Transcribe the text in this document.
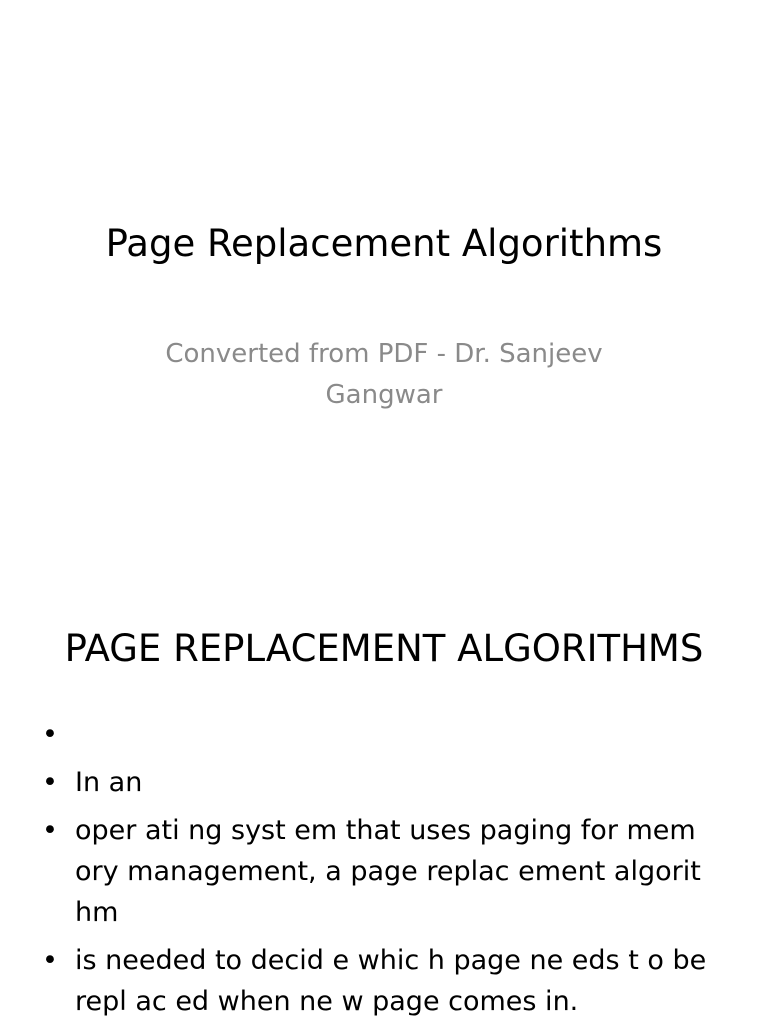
Page Replacement Algorithms

Converted from PDF - Dr. Sanjeev Gangwar

PAGE REPLACEMENT ALGORITHMS
•
• In an
• oper ati ng syst em that uses paging for mem ory management, a page replac ement algorit hm
• is needed to decid e whic h page ne eds t o be repl ac ed when ne w page comes in.
